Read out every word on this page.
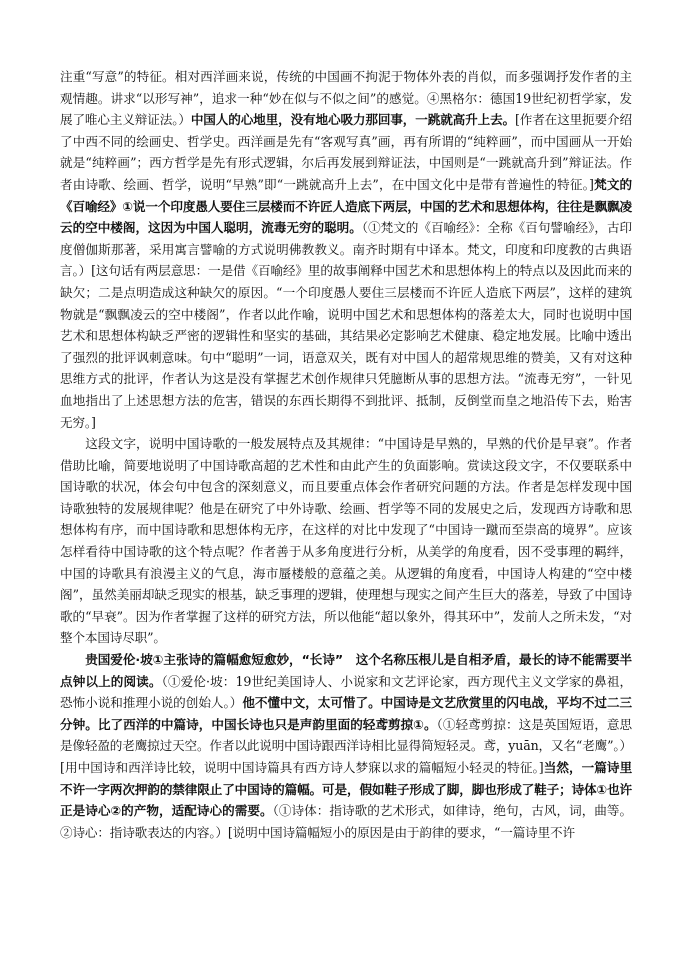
注重“写意”的特征。相对西洋画来说，传统的中国画不拘泥于物体外表的肖似，而多强调抒发作者的主观情趣。讲求“以形写神”，追求一种“妙在似与不似之间”的感觉。④黑格尔：德国19世纪初哲学家，发展了唯心主义辩证法。）中国人的心地里，没有地心吸力那回事，一跳就高升上去。[作者在这里扼要介绍了中西不同的绘画史、哲学史。西洋画是先有“客观写真”画，再有所谓的“纯粹画”，而中国画从一开始就是“纯粹画”；西方哲学是先有形式逻辑，尔后再发展到辩证法，中国则是“一跳就高升到”辩证法。作者由诗歌、绘画、哲学，说明“早熟”即“一跳就高升上去”，在中国文化中是带有普遍性的特征。]梵文的《百喻经》①说一个印度愚人要住三层楼而不许匠人造底下两层，中国的艺术和思想体构，往往是飘飘凌云的空中楼阁，这因为中国人聪明，流毒无穷的聪明。（①梵文的《百喻经》：全称《百句譬喻经》，古印度僧伽斯那著，采用寓言譬喻的方式说明佛教教义。南齐时期有中译本。梵文，印度和印度教的古典语言。）[这句话有两层意思：一是借《百喻经》里的故事阐释中国艺术和思想体构上的特点以及因此而来的缺欠；二是点明造成这种缺欠的原因。“一个印度愚人要住三层楼而不许匠人造底下两层”，这样的建筑物就是“飘飘凌云的空中楼阁”，作者以此作喻，说明中国艺术和思想体构的落差太大，同时也说明中国艺术和思想体构缺乏严密的逻辑性和坚实的基础，其结果必定影响艺术健康、稳定地发展。比喻中透出了强烈的批评讽刺意味。句中“聪明”一词，语意双关，既有对中国人的超常规思维的赞美，又有对这种思维方式的批评，作者认为这是没有掌握艺术创作规律只凭臆断从事的思想方法。“流毒无穷”，一针见血地指出了上述思想方法的危害，错误的东西长期得不到批评、抵制，反倒堂而皇之地沿传下去，贻害无穷。]

这段文字，说明中国诗歌的一般发展特点及其规律：“中国诗是早熟的，早熟的代价是早衰”。作者借助比喻，简要地说明了中国诗歌高超的艺术性和由此产生的负面影响。赏读这段文字，不仅要联系中国诗歌的状况，体会句中包含的深刻意义，而且要重点体会作者研究问题的方法。作者是怎样发现中国诗歌独特的发展规律呢？他是在研究了中外诗歌、绘画、哲学等不同的发展史之后，发现西方诗歌和思想体构有序，而中国诗歌和思想体构无序，在这样的对比中发现了“中国诗一蹴而至崇高的境界”。应该怎样看待中国诗歌的这个特点呢？作者善于从多角度进行分析，从美学的角度看，因不受事理的羁绊，中国的诗歌具有浪漫主义的气息，海市蜃楼般的意蕴之美。从逻辑的角度看，中国诗人构建的“空中楼阁”，虽然美丽却缺乏现实的根基，缺乏事理的逻辑，使理想与现实之间产生巨大的落差，导致了中国诗歌的“早衰”。因为作者掌握了这样的研究方法，所以他能“超以象外，得其环中”，发前人之所未发，“对整个本国诗尽职”。

贵国爱伦·坡①主张诗的篇幅愈短愈妙，“长诗”　这个名称压根儿是自相矛盾，最长的诗不能需要半点钟以上的阅读。（①爱伦·坡：19世纪美国诗人、小说家和文艺评论家，西方现代主义文学家的鼻祖，恐怖小说和推理小说的创始人。）他不懂中文，太可惜了。中国诗是文艺欣赏里的闪电战，平均不过二三分钟。比了西洋的中篇诗，中国长诗也只是声韵里面的轻鸢剪掠①。（①轻鸢剪掠：这是英国短语，意思是像轻盈的老鹰掠过天空。作者以此说明中国诗跟西洋诗相比显得简短轻灵。鸢，yuān，又名“老鹰”。）[用中国诗和西洋诗比较，说明中国诗篇具有西方诗人梦寐以求的篇幅短小轻灵的特征。]当然，一篇诗里不许一字两次押韵的禁律限止了中国诗的篇幅。可是，假如鞋子形成了脚，脚也形成了鞋子；诗体①也许正是诗心②的产物，适配诗心的需要。（①诗体：指诗歌的艺术形式，如律诗，绝句，古风，词，曲等。②诗心：指诗歌表达的内容。）[说明中国诗篇幅短小的原因是由于韵律的要求，“一篇诗里不许
